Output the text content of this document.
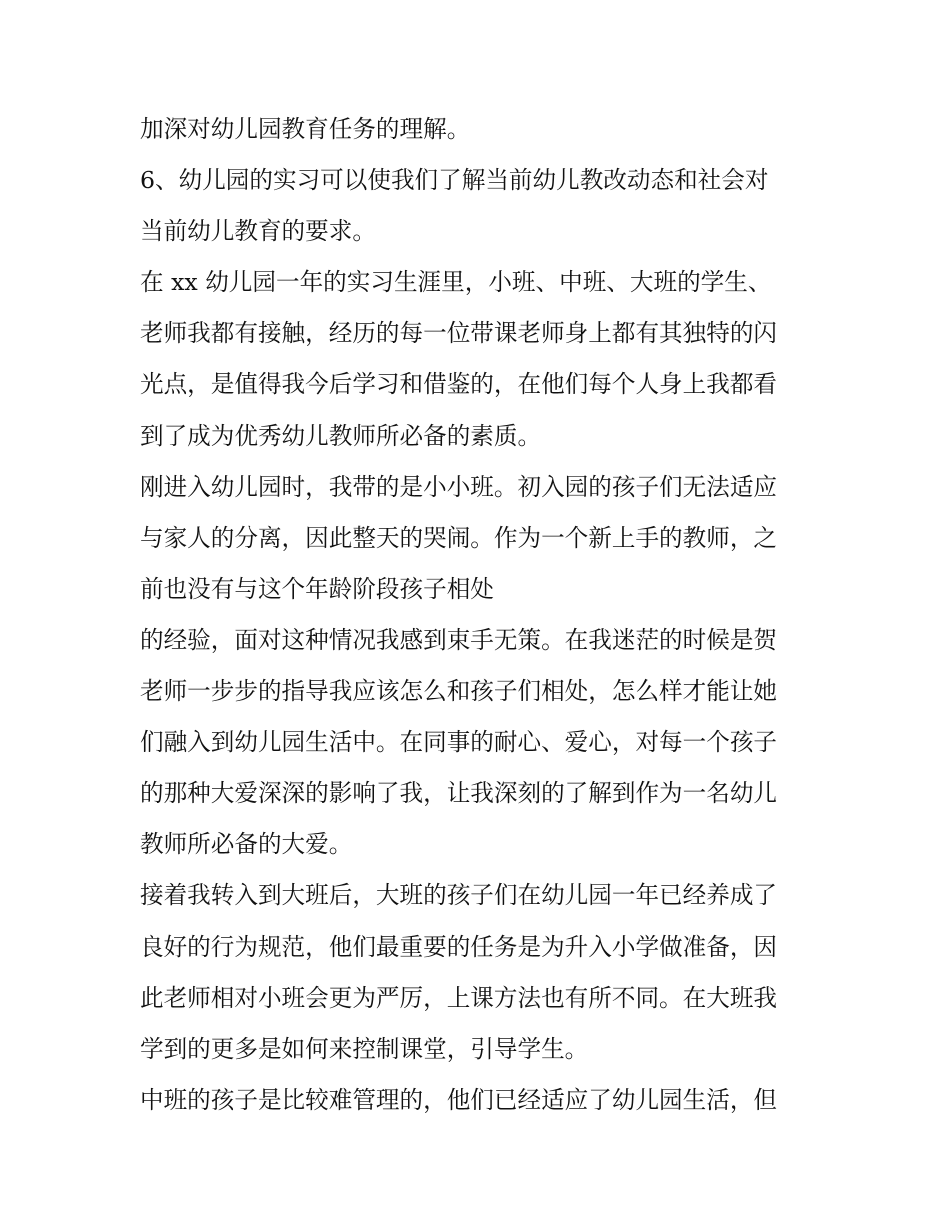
加深对幼儿园教育任务的理解。
6、幼儿园的实习可以使我们了解当前幼儿教改动态和社会对
当前幼儿教育的要求。
在 xx 幼儿园一年的实习生涯里，小班、中班、大班的学生、
老师我都有接触，经历的每一位带课老师身上都有其独特的闪
光点，是值得我今后学习和借鉴的，在他们每个人身上我都看
到了成为优秀幼儿教师所必备的素质。
刚进入幼儿园时，我带的是小小班。初入园的孩子们无法适应
与家人的分离，因此整天的哭闹。作为一个新上手的教师，之
前也没有与这个年龄阶段孩子相处
的经验，面对这种情况我感到束手无策。在我迷茫的时候是贺
老师一步步的指导我应该怎么和孩子们相处，怎么样才能让她
们融入到幼儿园生活中。在同事的耐心、爱心，对每一个孩子
的那种大爱深深的影响了我，让我深刻的了解到作为一名幼儿
教师所必备的大爱。
接着我转入到大班后，大班的孩子们在幼儿园一年已经养成了
良好的行为规范，他们最重要的任务是为升入小学做准备，因
此老师相对小班会更为严厉，上课方法也有所不同。在大班我
学到的更多是如何来控制课堂，引导学生。
中班的孩子是比较难管理的，他们已经适应了幼儿园生活，但
